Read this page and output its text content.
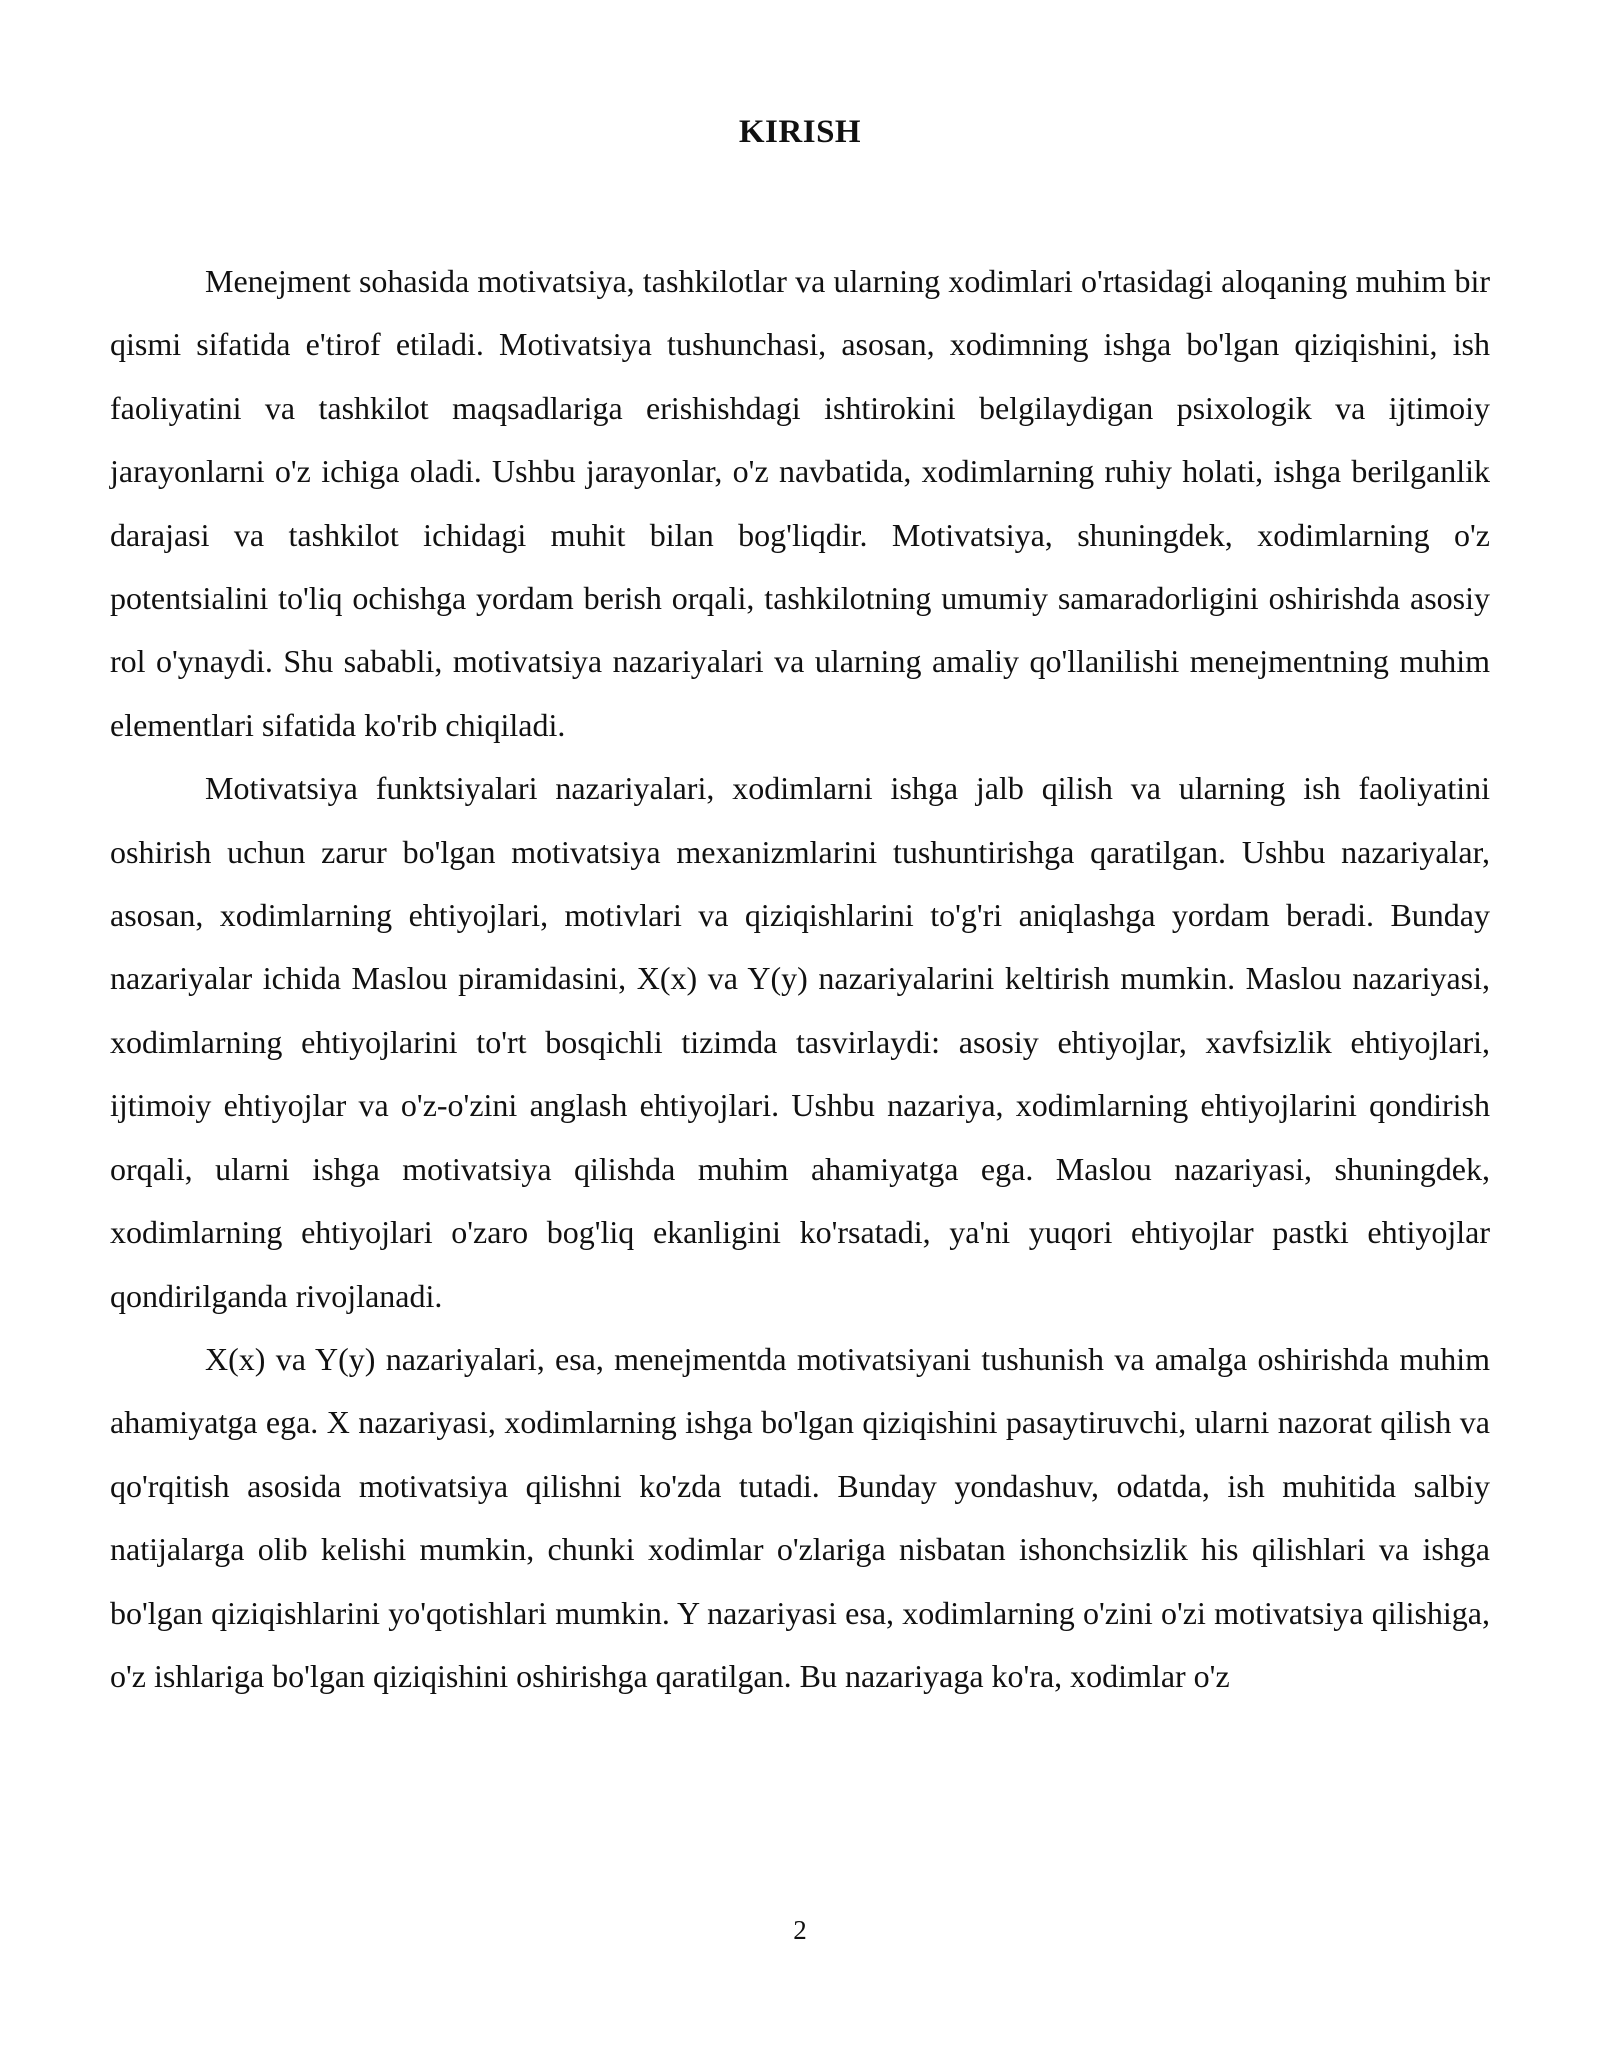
KIRISH

Menejment sohasida motivatsiya, tashkilotlar va ularning xodimlari o'rtasidagi aloqaning muhim bir qismi sifatida e'tirof etiladi. Motivatsiya tushunchasi, asosan, xodimning ishga bo'lgan qiziqishini, ish faoliyatini va tashkilot maqsadlariga erishishdagi ishtirokini belgilaydigan psixologik va ijtimoiy jarayonlarni o'z ichiga oladi. Ushbu jarayonlar, o'z navbatida, xodimlarning ruhiy holati, ishga berilganlik darajasi va tashkilot ichidagi muhit bilan bog'liqdir. Motivatsiya, shuningdek, xodimlarning o'z potentsialini to'liq ochishga yordam berish orqali, tashkilotning umumiy samaradorligini oshirishda asosiy rol o'ynaydi. Shu sababli, motivatsiya nazariyalari va ularning amaliy qo'llanilishi menejmentning muhim elementlari sifatida ko'rib chiqiladi.

Motivatsiya funktsiyalari nazariyalari, xodimlarni ishga jalb qilish va ularning ish faoliyatini oshirish uchun zarur bo'lgan motivatsiya mexanizmlarini tushuntirishga qaratilgan. Ushbu nazariyalar, asosan, xodimlarning ehtiyojlari, motivlari va qiziqishlarini to'g'ri aniqlashga yordam beradi. Bunday nazariyalar ichida Maslou piramidasini, X(x) va Y(y) nazariyalarini keltirish mumkin. Maslou nazariyasi, xodimlarning ehtiyojlarini to'rt bosqichli tizimda tasvirlaydi: asosiy ehtiyojlar, xavfsizlik ehtiyojlari, ijtimoiy ehtiyojlar va o'z-o'zini anglash ehtiyojlari. Ushbu nazariya, xodimlarning ehtiyojlarini qondirish orqali, ularni ishga motivatsiya qilishda muhim ahamiyatga ega. Maslou nazariyasi, shuningdek, xodimlarning ehtiyojlari o'zaro bog'liq ekanligini ko'rsatadi, ya'ni yuqori ehtiyojlar pastki ehtiyojlar qondirilganda rivojlanadi.

X(x) va Y(y) nazariyalari, esa, menejmentda motivatsiyani tushunish va amalga oshirishda muhim ahamiyatga ega. X nazariyasi, xodimlarning ishga bo'lgan qiziqishini pasaytiruvchi, ularni nazorat qilish va qo'rqitish asosida motivatsiya qilishni ko'zda tutadi. Bunday yondashuv, odatda, ish muhitida salbiy natijalarga olib kelishi mumkin, chunki xodimlar o'zlariga nisbatan ishonchsizlik his qilishlari va ishga bo'lgan qiziqishlarini yo'qotishlari mumkin. Y nazariyasi esa, xodimlarning o'zini o'zi motivatsiya qilishiga, o'z ishlariga bo'lgan qiziqishini oshirishga qaratilgan. Bu nazariyaga ko'ra, xodimlar o'z

2
